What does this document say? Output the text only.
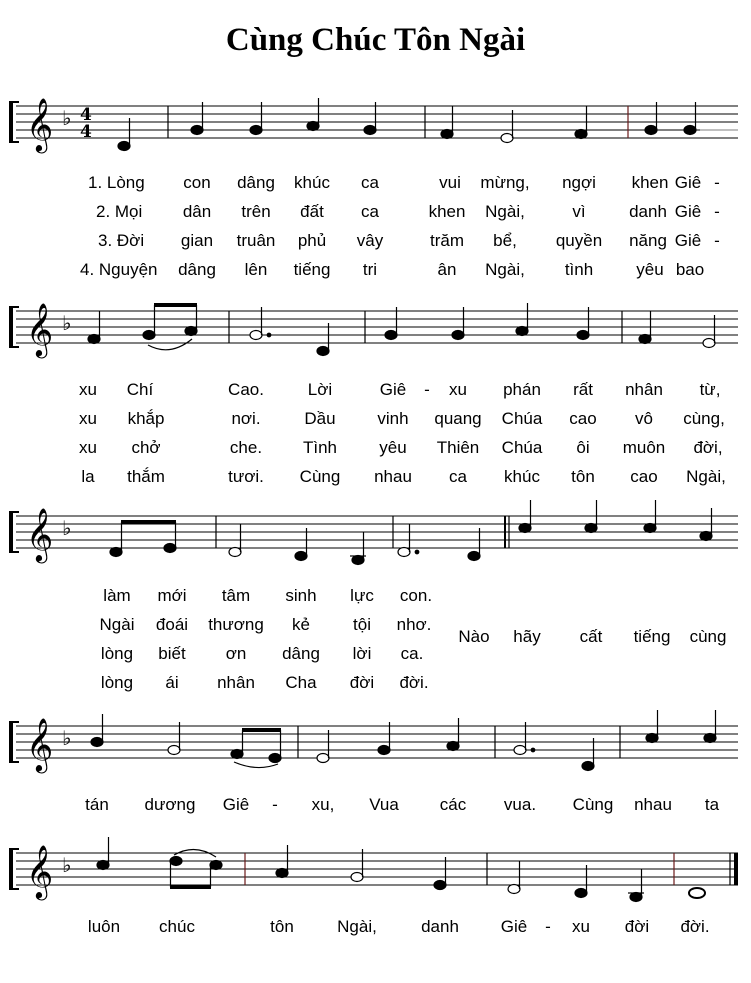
Cùng Chúc Tôn Ngài
𝄞 ♭ 4
4
1. Lòng con dâng khúc ca	vui mừng, ngợi khen Giê -
2. Mọi dân trên đất ca	khen Ngài,	vì	danh Giê -
3. Đời gian truân phủ vây	trăm bể, quyền năng Giê -
4. Nguyện dâng lên tiếng tri	ân Ngài, tình	yêu bao
𝄞 ♭
xu Chí	Cao.	Lời	Giê - xu phán rất nhân từ,
xu khắp	nơi.	Dầu vinh quang Chúa cao vô cùng,
xu chở	che. Tình yêu Thiên Chúa ôi muôn đời,
la thắm	tươi. Cùng nhau ca khúc tôn cao Ngài,
𝄞 ♭
làm mới tâm sinh lực con.
Ngài đoái thương kẻ	tội nhơ.
lòng biết ơn dâng lời ca.
lòng ái nhân Cha đời đời.
Nào hãy cất tiếng cùng
𝄞 ♭
tán dương Giê - xu, Vua các vua. Cùng nhau ta
𝄞 ♭
luôn chúc	tôn	Ngài,	danh Giê - xu đời đời.
